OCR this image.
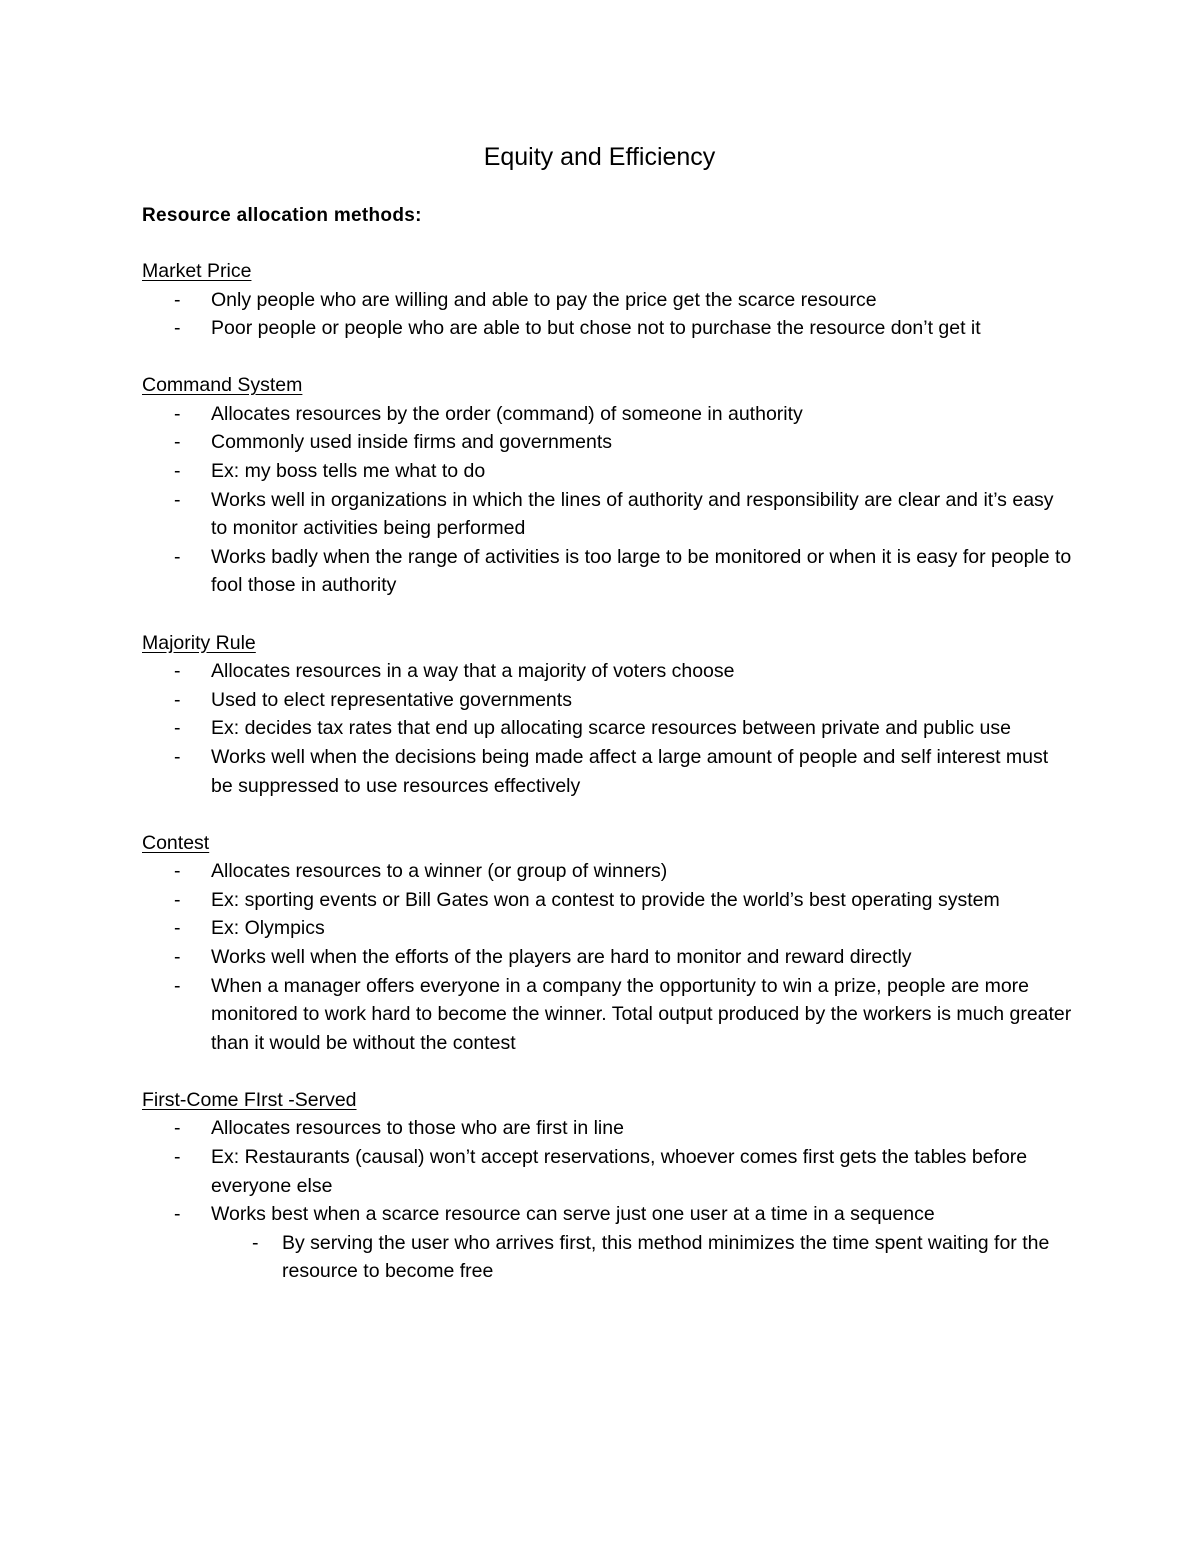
Equity and Efficiency
Resource allocation methods:
Market Price
- Only people who are willing and able to pay the price get the scarce resource
- Poor people or people who are able to but chose not to purchase the resource don’t get it
Command System
- Allocates resources by the order (command) of someone in authority
- Commonly used inside firms and governments
- Ex: my boss tells me what to do
- Works well in organizations in which the lines of authority and responsibility are clear and it’s easy to monitor activities being performed
- Works badly when the range of activities is too large to be monitored or when it is easy for people to fool those in authority
Majority Rule
- Allocates resources in a way that a majority of voters choose
- Used to elect representative governments
- Ex: decides tax rates that end up allocating scarce resources between private and public use
- Works well when the decisions being made affect a large amount of people and self interest must be suppressed to use resources effectively
Contest
- Allocates resources to a winner (or group of winners)
- Ex: sporting events or Bill Gates won a contest to provide the world’s best operating system
- Ex: Olympics
- Works well when the efforts of the players are hard to monitor and reward directly
- When a manager offers everyone in a company the opportunity to win a prize, people are more monitored to work hard to become the winner. Total output produced by the workers is much greater than it would be without the contest
First-Come FIrst -Served
- Allocates resources to those who are first in line
- Ex: Restaurants (causal) won’t accept reservations, whoever comes first gets the tables before everyone else
- Works best when a scarce resource can serve just one user at a time in a sequence
- By serving the user who arrives first, this method minimizes the time spent waiting for the resource to become free
